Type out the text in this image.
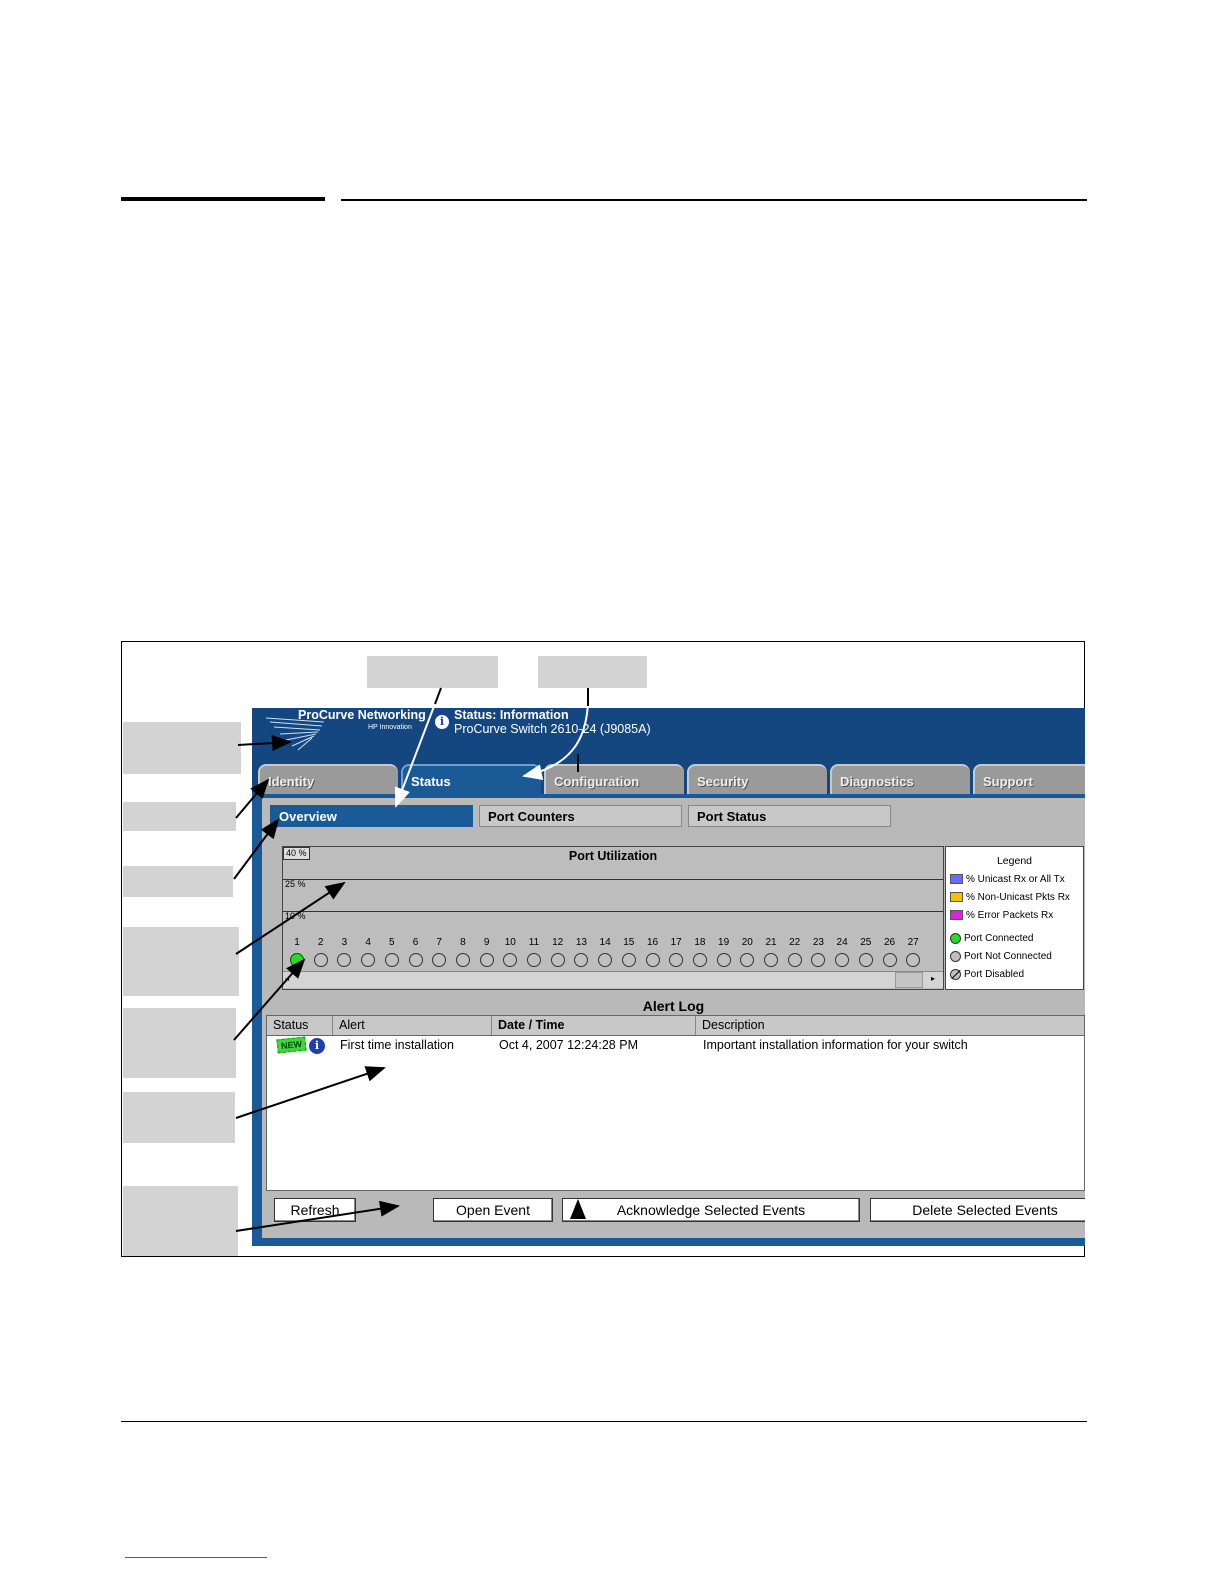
ProCurve Networking
HP Innovation	i Status: Information
ProCurve Switch 2610-24 (J9085A)
Identity	Status	Configuration	Security	Diagnostics	Support
Overview	Port Counters	Port Status
Port Utilization
40 %
25 %
10 %
1	2	3	4	5	6	7	8	9	10	11	12	13	14	15	16	17	18	19	20	21	22	23	24	25	26	27
◂	▸
Legend
% Unicast Rx or All Tx
% Non-Unicast Pkts Rx
% Error Packets Rx
Port Connected
Port Not Connected
Port Disabled
Alert Log
Status	Alert	Date / Time	Description
NEW	i	First time installation	Oct 4, 2007 12:24:28 PM	Important installation information for your switch
Refresh	Open Event	Acknowledge Selected Events	Delete Selected Events
